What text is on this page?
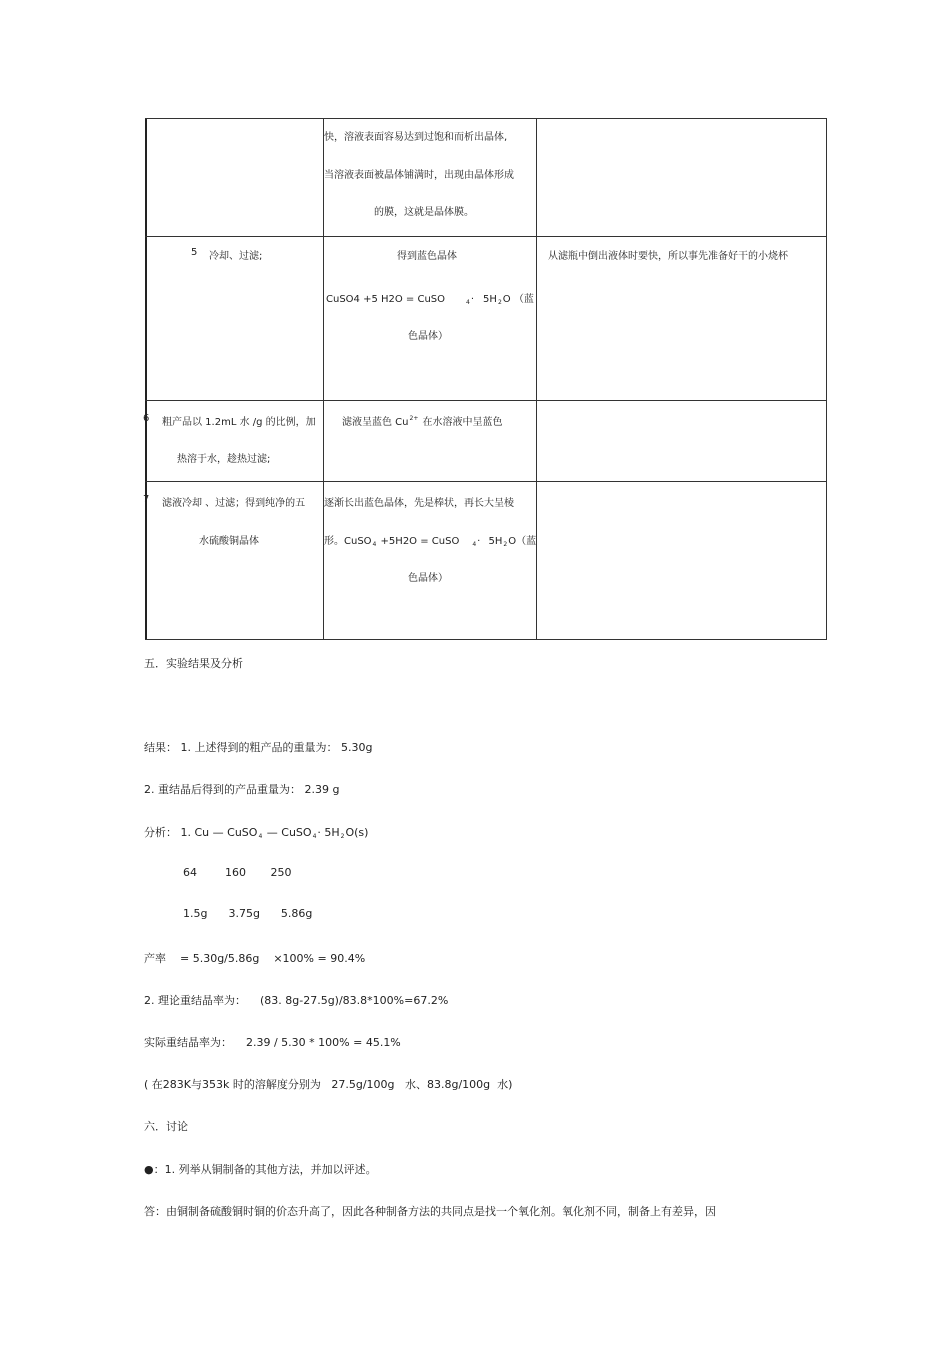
快，溶液表面容易达到过饱和而析出晶体,
当溶液表面被晶体铺满时，出现由晶体形成
的膜，这就是晶体膜。
5 冷却、过滤;	得到蓝色晶体
CuSO4 +5 H2O = CuSO	$_4\cdot 5H_2O$ （蓝
色晶体）
从滤瓶中倒出液体时要快，所以事先准备好干的小烧杯
6 粗产品以 1.2mL 水 /g 的比例，加
热溶于水，趁热过滤;
滤液呈蓝色 $Cu^{2+}$ 在水溶液中呈蓝色
7 滤液冷却 、过滤；得到纯净的五
水硫酸铜晶体
逐渐长出蓝色晶体，先是棒状，再长大呈棱
形。CuSO$_4$ +5H2O = CuSO $_4\cdot 5H_2O$（蓝
色晶体）
五．实验结果及分析
结果： 1. 上述得到的粗产品的重量为： 5.30g
2. 重结晶后得到的产品重量为： 2.39 g
分析： 1. Cu — CuSO$_4$ — CuSO$_4$· $5H_2O(s)$
64        160       250
1.5g      3.75g      5.86g
产率    = 5.30g/5.86g    ×100% = 90.4%
2. 理论重结晶率为：    (83. 8g-27.5g)/83.8*100%=67.2%
实际重结晶率为：    2.39 / 5.30 * 100% = 45.1%
( 在283K与353k 时的溶解度分别为   27.5g/100g   水、83.8g/100g  水)
六．讨论
●：1. 列举从铜制备的其他方法，并加以评述。
答：由铜制备硫酸铜时铜的价态升高了，因此各种制备方法的共同点是找一个氧化剂。氧化剂不同，制备上有差异，因
